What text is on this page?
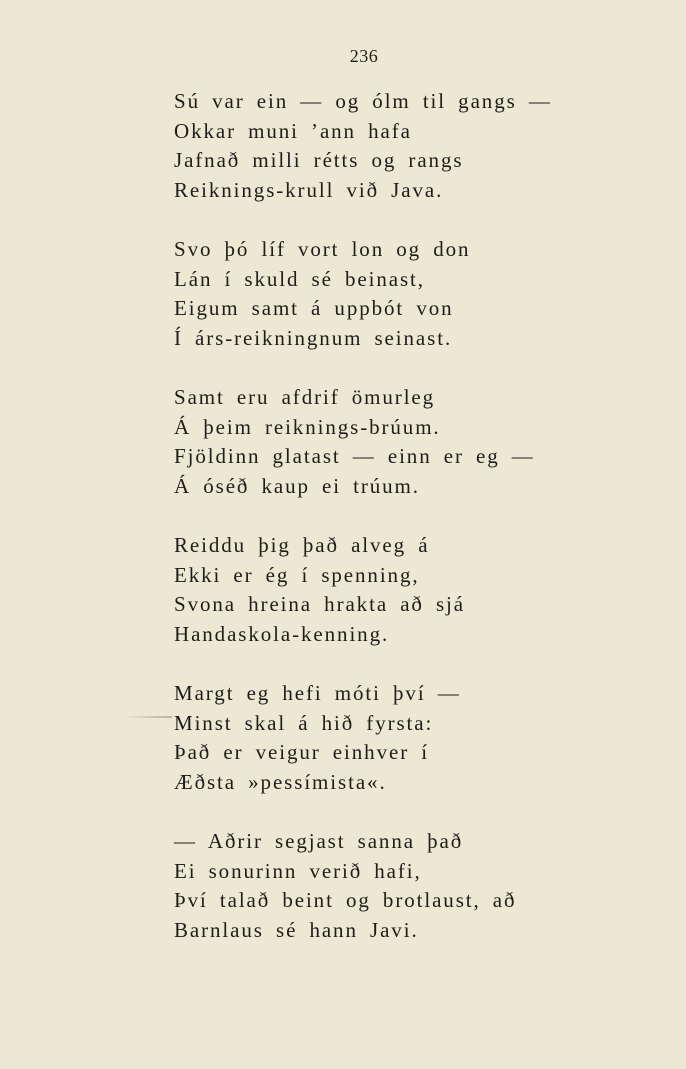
236
Sú var ein — og ólm til gangs —
Okkar muni ’ann hafa
Jafnað milli rétts og rangs
Reiknings-krull við Java.
Svo þó líf vort lon og don
Lán í skuld sé beinast,
Eigum samt á uppbót von
Í árs-reikningnum seinast.
Samt eru afdrif ömurleg
Á þeim reiknings-brúum.
Fjöldinn glatast — einn er eg —
Á óséð kaup ei trúum.
Reiddu þig það alveg á
Ekki er ég í spenning,
Svona hreina hrakta að sjá
Handaskola-kenning.
Margt eg hefi móti því —
Minst skal á hið fyrsta:
Það er veigur einhver í
Æðsta »pessímista«.
— Aðrir segjast sanna það
Ei sonurinn verið hafi,
Því talað beint og brotlaust, að
Barnlaus sé hann Javi.
